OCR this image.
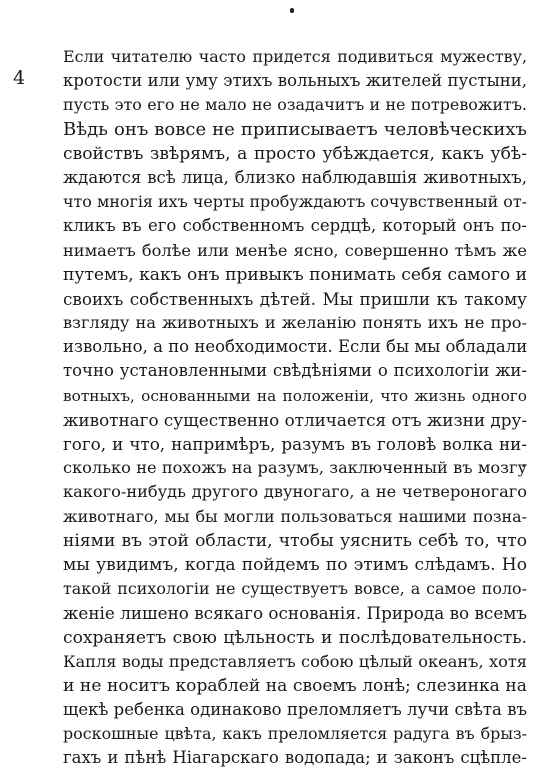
4
Если читателю часто придется подивиться мужеству,
кротости или уму этихъ вольныхъ жителей пустыни,
пусть это его не мало не озадачитъ и не потревожитъ.
Вѣдь онъ вовсе не приписываетъ человѣческихъ
свойствъ звѣрямъ, а просто убѣждается, какъ убѣ-
ждаются всѣ лица, близко наблюдавшія животныхъ,
что многія ихъ черты пробуждаютъ сочувственный от-
кликъ въ его собственномъ сердцѣ, который онъ по-
нимаетъ болѣе или менѣе ясно, совершенно тѣмъ же
путемъ, какъ онъ привыкъ понимать себя самого и
своихъ собственныхъ дѣтей. Мы пришли къ такому
взгляду на животныхъ и желанію понять ихъ не про-
извольно, а по необходимости. Если бы мы обладали
точно установленными свѣдѣніями о психологіи жи-
вотныхъ, основанными на положеніи, что жизнь одного
животнаго существенно отличается отъ жизни дру-
гого, и что, напримѣръ, разумъ въ головѣ волка ни-
сколько не похожъ на разумъ, заключенный въ мозгу
какого-нибудь другого двуногаго, а не четвероногаго
животнаго, мы бы могли пользоваться нашими позна-
ніями въ этой области, чтобы уяснить себѣ то, что
мы увидимъ, когда пойдемъ по этимъ слѣдамъ. Но
такой психологіи не существуетъ вовсе, а самое поло-
женіе лишено всякаго основанія. Природа во всемъ
сохраняетъ свою цѣльность и послѣдовательность.
Капля воды представляетъ собою цѣлый океанъ, хотя
и не носитъ кораблей на своемъ лонѣ; слезинка на
щекѣ ребенка одинаково преломляетъ лучи свѣта въ
роскошные цвѣта, какъ преломляется радуга въ брыз-
гахъ и пѣнѣ Ніагарскаго водопада; и законъ сцѣпле-
